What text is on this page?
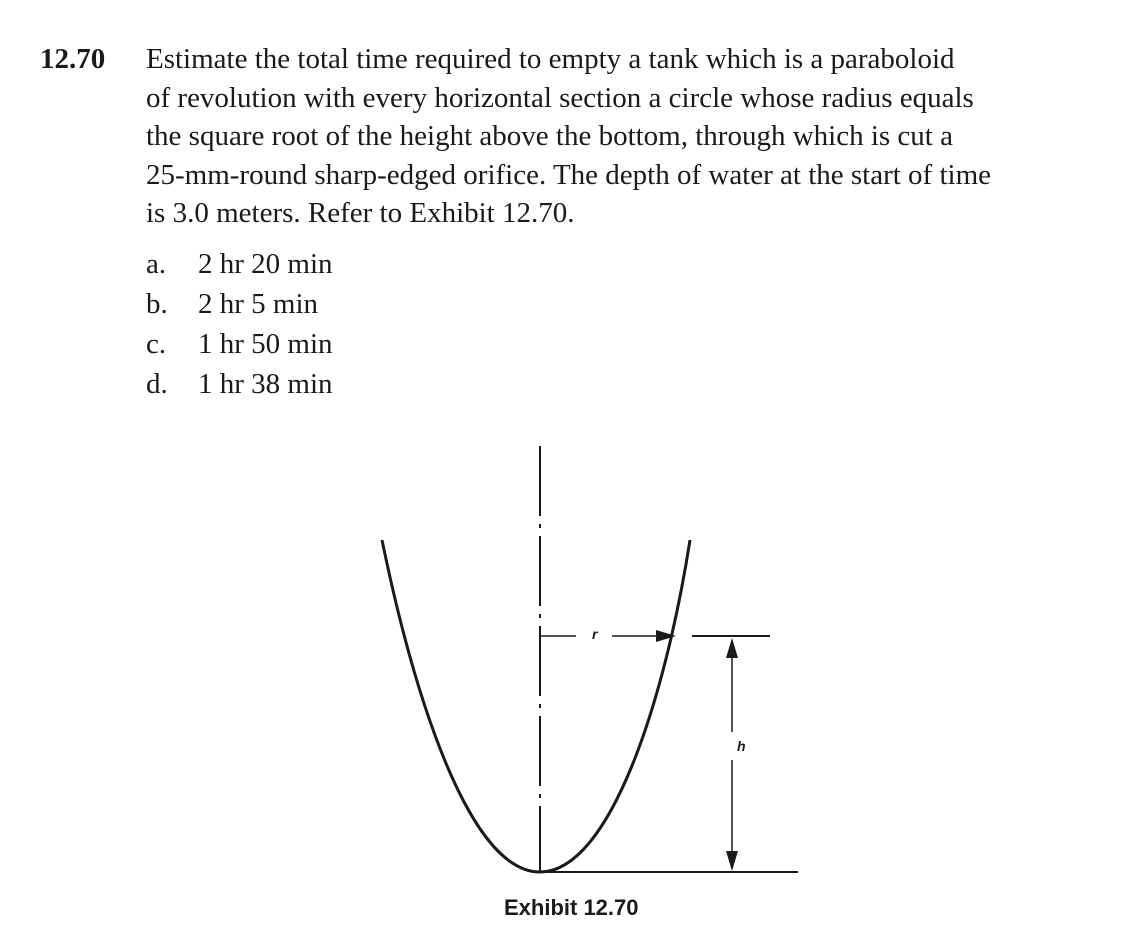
12.70 Estimate the total time required to empty a tank which is a paraboloid
of revolution with every horizontal section a circle whose radius equals
the square root of the height above the bottom, through which is cut a
25-mm-round sharp-edged orifice. The depth of water at the start of time
is 3.0 meters. Refer to Exhibit 12.70.
a.	2 hr 20 min
b.	2 hr 5 min
c.	1 hr 50 min
d.	1 hr 38 min
r
h
Exhibit 12.70
